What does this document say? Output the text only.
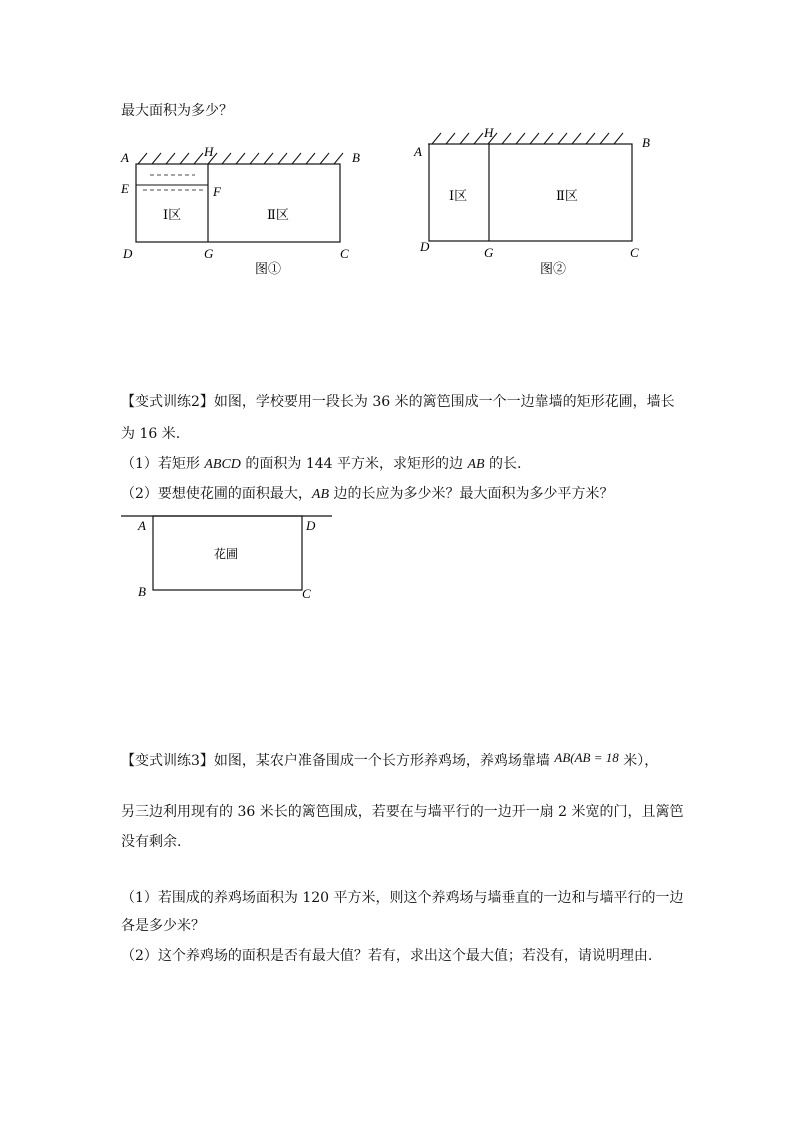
最大面积为多少？
A	H	B
E	F
D	G	C
Ⅰ区	Ⅱ区
图①
A
H
B
D	G	C
Ⅰ区	Ⅱ区
图②
【变式训练2】如图，学校要用一段长为 36 米的篱笆围成一个一边靠墙的矩形花圃，墙长
为 16 米.
（1）若矩形 ABCD 的面积为 144 平方米，求矩形的边 AB 的长.
（2）要想使花圃的面积最大，AB 边的长应为多少米？最大面积为多少平方米？
A	D
B	C
花圃
【变式训练3】如图，某农户准备围成一个长方形养鸡场，养鸡场靠墙 AB(AB = 18 米），
另三边利用现有的 36 米长的篱笆围成，若要在与墙平行的一边开一扇 2 米宽的门，且篱笆
没有剩余.
（1）若围成的养鸡场面积为 120 平方米，则这个养鸡场与墙垂直的一边和与墙平行的一边
各是多少米？
（2）这个养鸡场的面积是否有最大值？若有，求出这个最大值；若没有，请说明理由.
